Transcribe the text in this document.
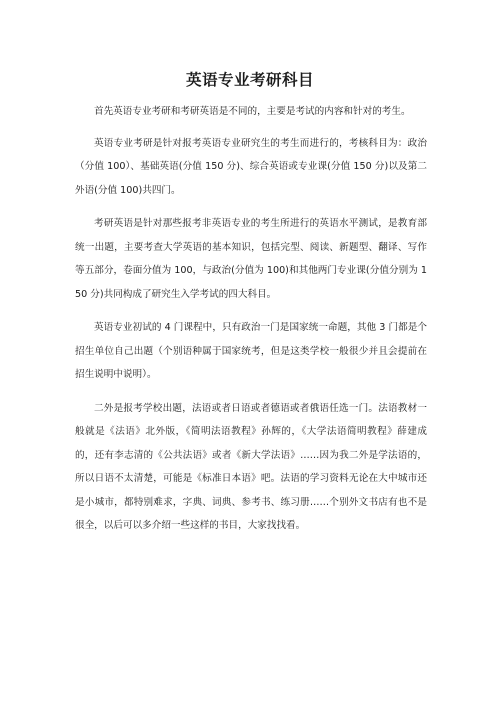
英语专业考研科目

首先英语专业考研和考研英语是不同的，主要是考试的内容和针对的考生。

英语专业考研是针对报考英语专业研究生的考生而进行的，考核科目为：政治（分值 100）、基础英语(分值 150 分)、综合英语或专业课(分值 150 分)以及第二外语(分值 100)共四门。

考研英语是针对那些报考非英语专业的考生所进行的英语水平测试，是教育部统一出题，主要考查大学英语的基本知识，包括完型、阅读、新题型、翻译、写作等五部分，卷面分值为 100，与政治(分值为 100)和其他两门专业课(分值分别为 150 分)共同构成了研究生入学考试的四大科目。

英语专业初试的 4 门课程中，只有政治一门是国家统一命题，其他 3 门都是个招生单位自己出题（个别语种属于国家统考，但是这类学校一般很少并且会提前在招生说明中说明）。

二外是报考学校出题，法语或者日语或者德语或者俄语任选一门。法语教材一般就是《法语》北外版，《简明法语教程》孙辉的，《大学法语简明教程》薛建成的，还有李志清的《公共法语》或者《新大学法语》……因为我二外是学法语的，所以日语不太清楚，可能是《标准日本语》吧。法语的学习资料无论在大中城市还是小城市，都特别难求，字典、词典、参考书、练习册……个别外文书店有也不是很全，以后可以多介绍一些这样的书目，大家找找看。
